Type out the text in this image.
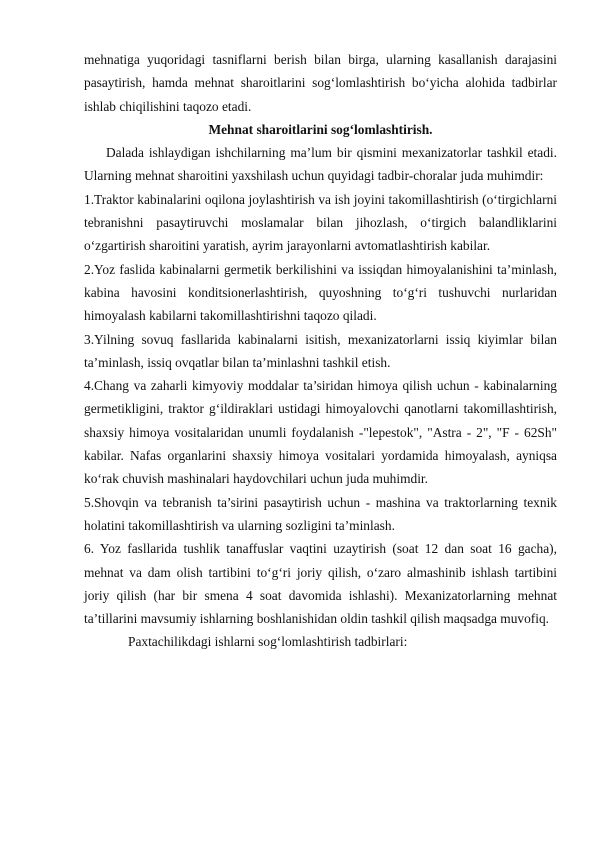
mehnatiga yuqoridagi tasniflarni berish bilan birga, ularning kasallanish darajasini pasaytirish, hamda mehnat sharoitlarini sog‘lomlashtirish bo‘yicha alohida tadbirlar ishlab chiqilishini taqozo etadi.

Mehnat sharoitlarini sog‘lomlashtirish.

Dalada ishlaydigan ishchilarning ma’lum bir qismini mexanizatorlar tashkil etadi. Ularning mehnat sharoitini yaxshilash uchun quyidagi tadbir-choralar juda muhimdir:

1.Traktor kabinalarini oqilona joylashtirish va ish joyini takomillashtirish (o‘tirgichlarni tebranishni pasaytiruvchi moslamalar bilan jihozlash, o‘tirgich balandliklarini o‘zgartirish sharoitini yaratish, ayrim jarayonlarni avtomatlashtirish kabilar.

2.Yoz faslida kabinalarni germetik berkilishini va issiqdan himoyalanishini ta’minlash, kabina havosini konditsionerlashtirish, quyoshning to‘g‘ri tushuvchi nurlaridan himoyalash kabilarni takomillashtirishni taqozo qiladi.

3.Yilning sovuq fasllarida kabinalarni isitish, mexanizatorlarni issiq kiyimlar bilan ta’minlash, issiq ovqatlar bilan ta’minlashni tashkil etish.

4.Chang va zaharli kimyoviy moddalar ta’siridan himoya qilish uchun - kabinalarning germetikligini, traktor g‘ildiraklari ustidagi himoyalovchi qanotlarni takomillashtirish, shaxsiy himoya vositalaridan unumli foydalanish -"lepestok", "Astra - 2", "F - 62Sh" kabilar. Nafas organlarini shaxsiy himoya vositalari yordamida himoyalash, ayniqsa ko‘rak chuvish mashinalari haydovchilari uchun juda muhimdir.

5.Shovqin va tebranish ta’sirini pasaytirish uchun - mashina va traktorlarning texnik holatini takomillashtirish va ularning sozligini ta’minlash.

6. Yoz fasllarida tushlik tanaffuslar vaqtini uzaytirish (soat 12 dan soat 16 gacha), mehnat va dam olish tartibini to‘g‘ri joriy qilish, o‘zaro almashinib ishlash tartibini joriy qilish (har bir smena 4 soat davomida ishlashi). Mexanizatorlarning mehnat ta’tillarini mavsumiy ishlarning boshlanishidan oldin tashkil qilish maqsadga muvofiq.

Paxtachilikdagi ishlarni sog‘lomlashtirish tadbirlari:
